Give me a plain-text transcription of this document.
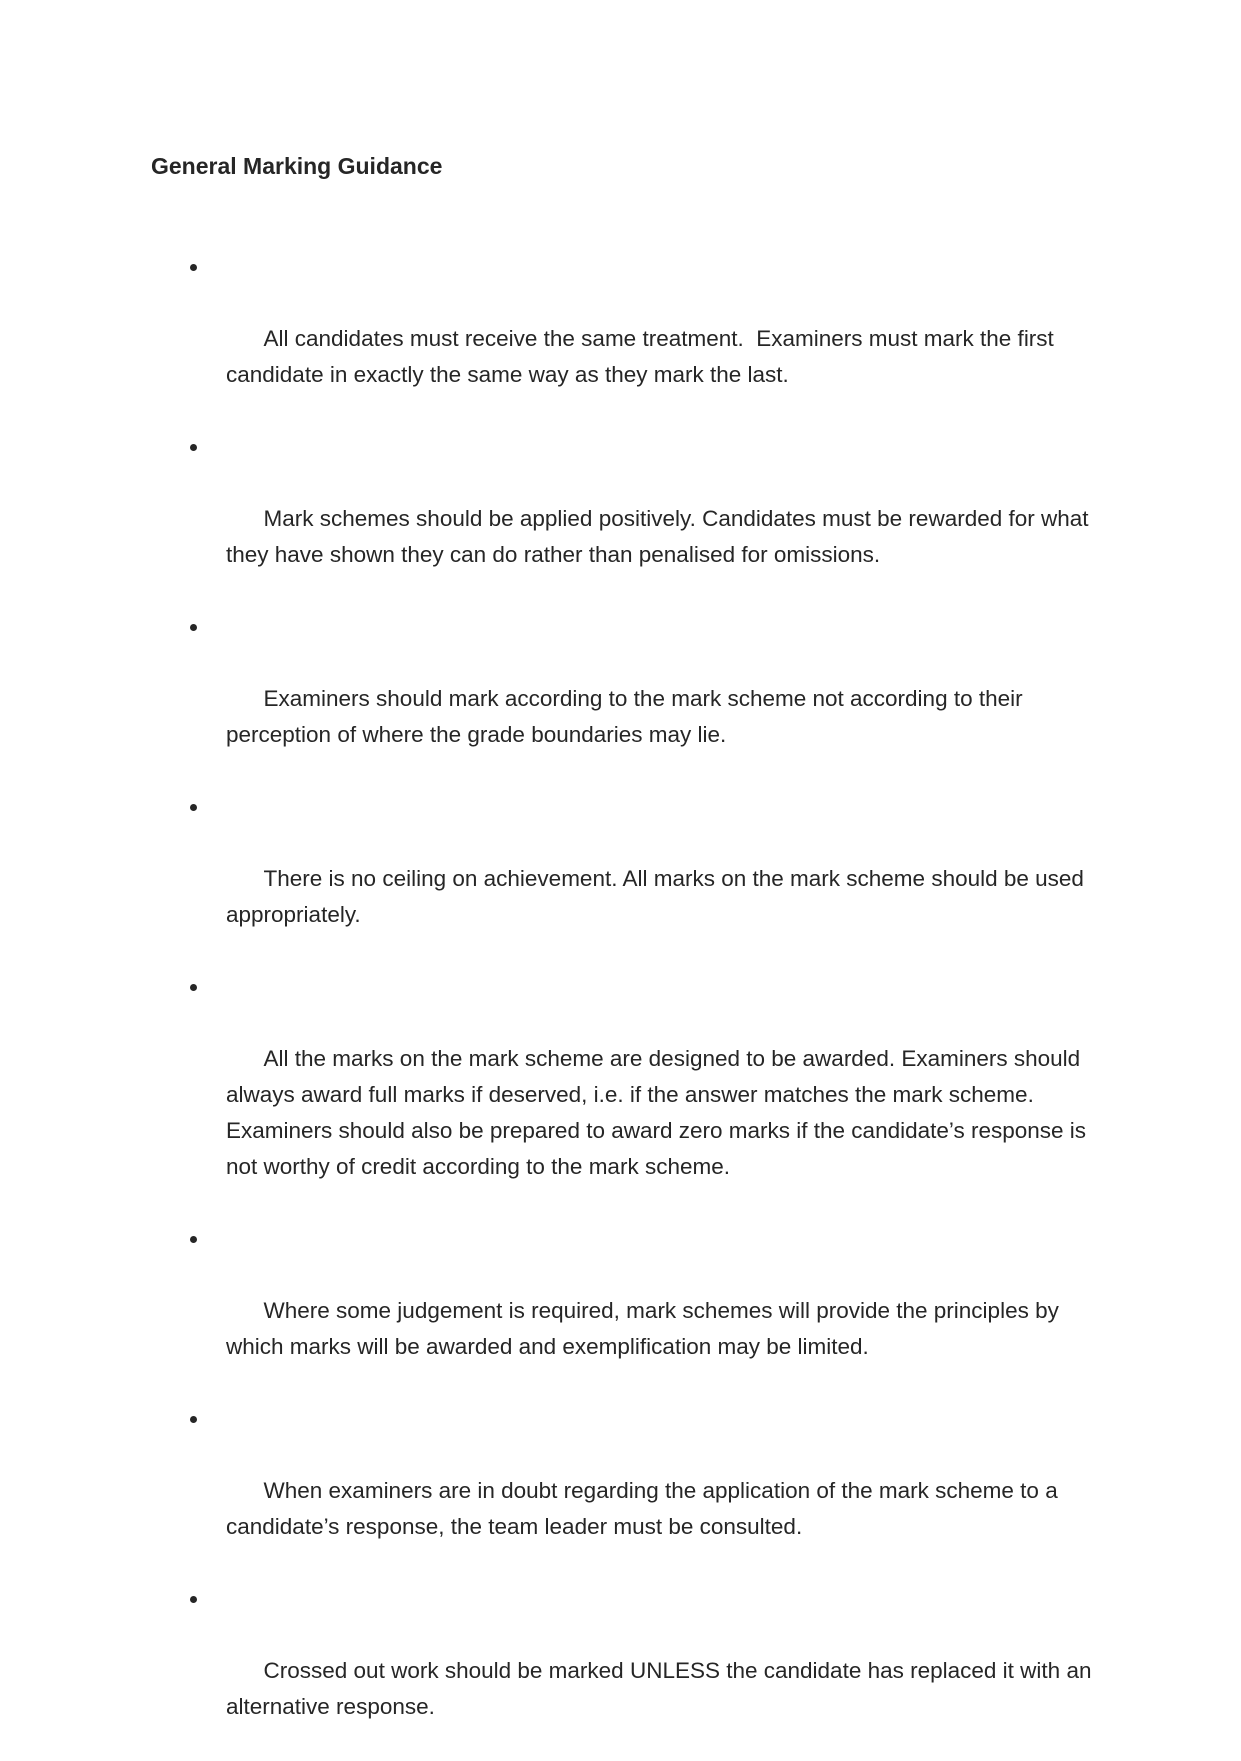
General Marking Guidance

All candidates must receive the same treatment.  Examiners must mark the first candidate in exactly the same way as they mark the last.

Mark schemes should be applied positively. Candidates must be rewarded for what they have shown they can do rather than penalised for omissions.

Examiners should mark according to the mark scheme not according to their perception of where the grade boundaries may lie.

There is no ceiling on achievement. All marks on the mark scheme should be used appropriately.

All the marks on the mark scheme are designed to be awarded. Examiners should always award full marks if deserved, i.e. if the answer matches the mark scheme.  Examiners should also be prepared to award zero marks if the candidate’s response is not worthy of credit according to the mark scheme.

Where some judgement is required, mark schemes will provide the principles by which marks will be awarded and exemplification may be limited.

When examiners are in doubt regarding the application of the mark scheme to a candidate’s response, the team leader must be consulted.

Crossed out work should be marked UNLESS the candidate has replaced it with an alternative response.
